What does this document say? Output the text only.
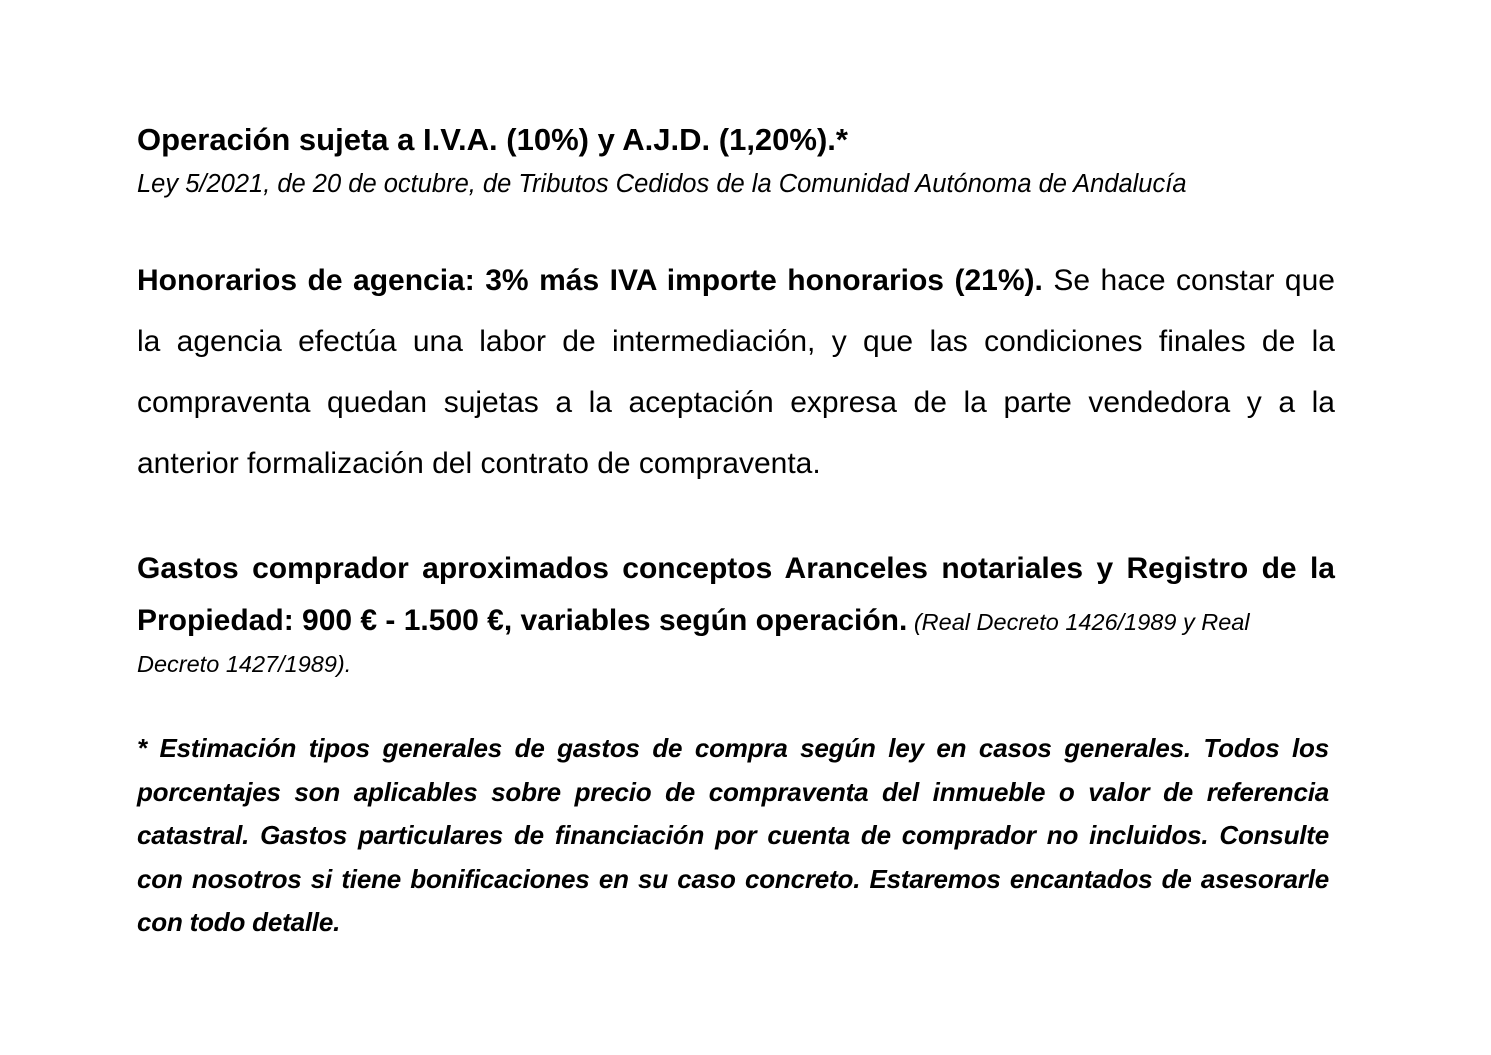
Operación sujeta a I.V.A. (10%) y A.J.D. (1,20%).*
Ley 5/2021, de 20 de octubre, de Tributos Cedidos de la Comunidad Autónoma de Andalucía
Honorarios de agencia: 3% más IVA importe honorarios (21%). Se hace constar que la agencia efectúa una labor de intermediación, y que las condiciones finales de la compraventa quedan sujetas a la aceptación expresa de la parte vendedora y a la anterior formalización del contrato de compraventa.
Gastos comprador aproximados conceptos Aranceles notariales y Registro de la Propiedad: 900 € - 1.500 €, variables según operación. (Real Decreto 1426/1989 y Real
Decreto 1427/1989).
* Estimación tipos generales de gastos de compra según ley en casos generales. Todos los porcentajes son aplicables sobre precio de compraventa del inmueble o valor de referencia catastral. Gastos particulares de financiación por cuenta de comprador no incluidos. Consulte con nosotros si tiene bonificaciones en su caso concreto. Estaremos encantados de asesorarle con todo detalle.
